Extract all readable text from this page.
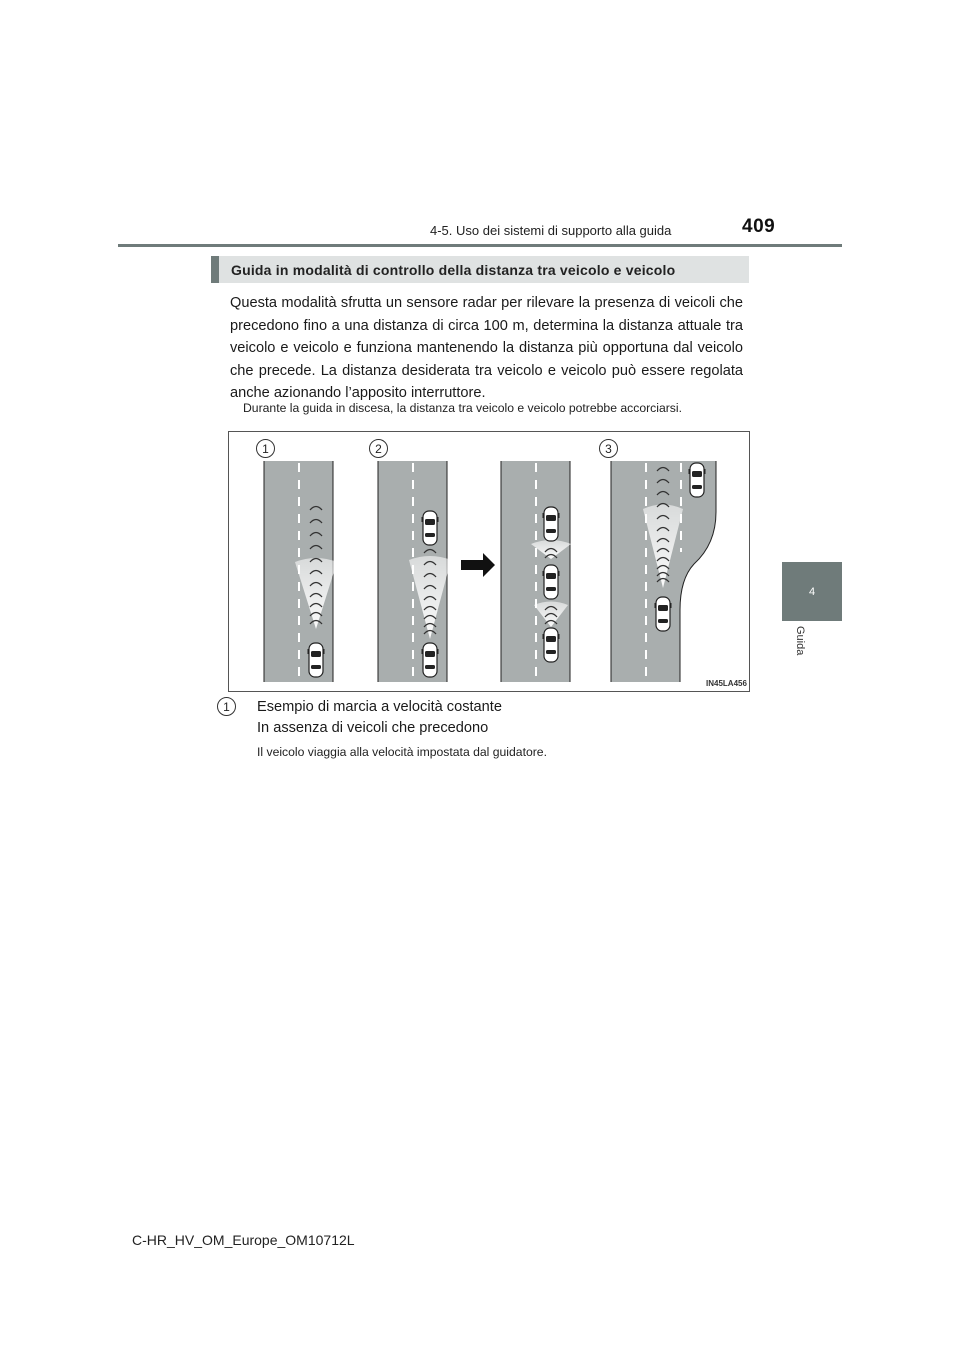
4-5. Uso dei sistemi di supporto alla guida	409
4
Guida
Guida in modalità di controllo della distanza tra veicolo e veicolo
Questa modalità sfrutta un sensore radar per rilevare la presenza di veicoli che precedono fino a una distanza di circa 100 m, determina la distanza attuale tra veicolo e veicolo e funziona mantenendo la distanza più opportuna dal veicolo che precede. La distanza desiderata tra veicolo e veicolo può essere regolata anche azionando l’apposito interruttore.
Durante la guida in discesa, la distanza tra veicolo e veicolo potrebbe accorciarsi.
1	2	3
IN45LA456
1	Esempio di marcia a velocità costante
In assenza di veicoli che precedono
Il veicolo viaggia alla velocità impostata dal guidatore.
C-HR_HV_OM_Europe_OM10712L
